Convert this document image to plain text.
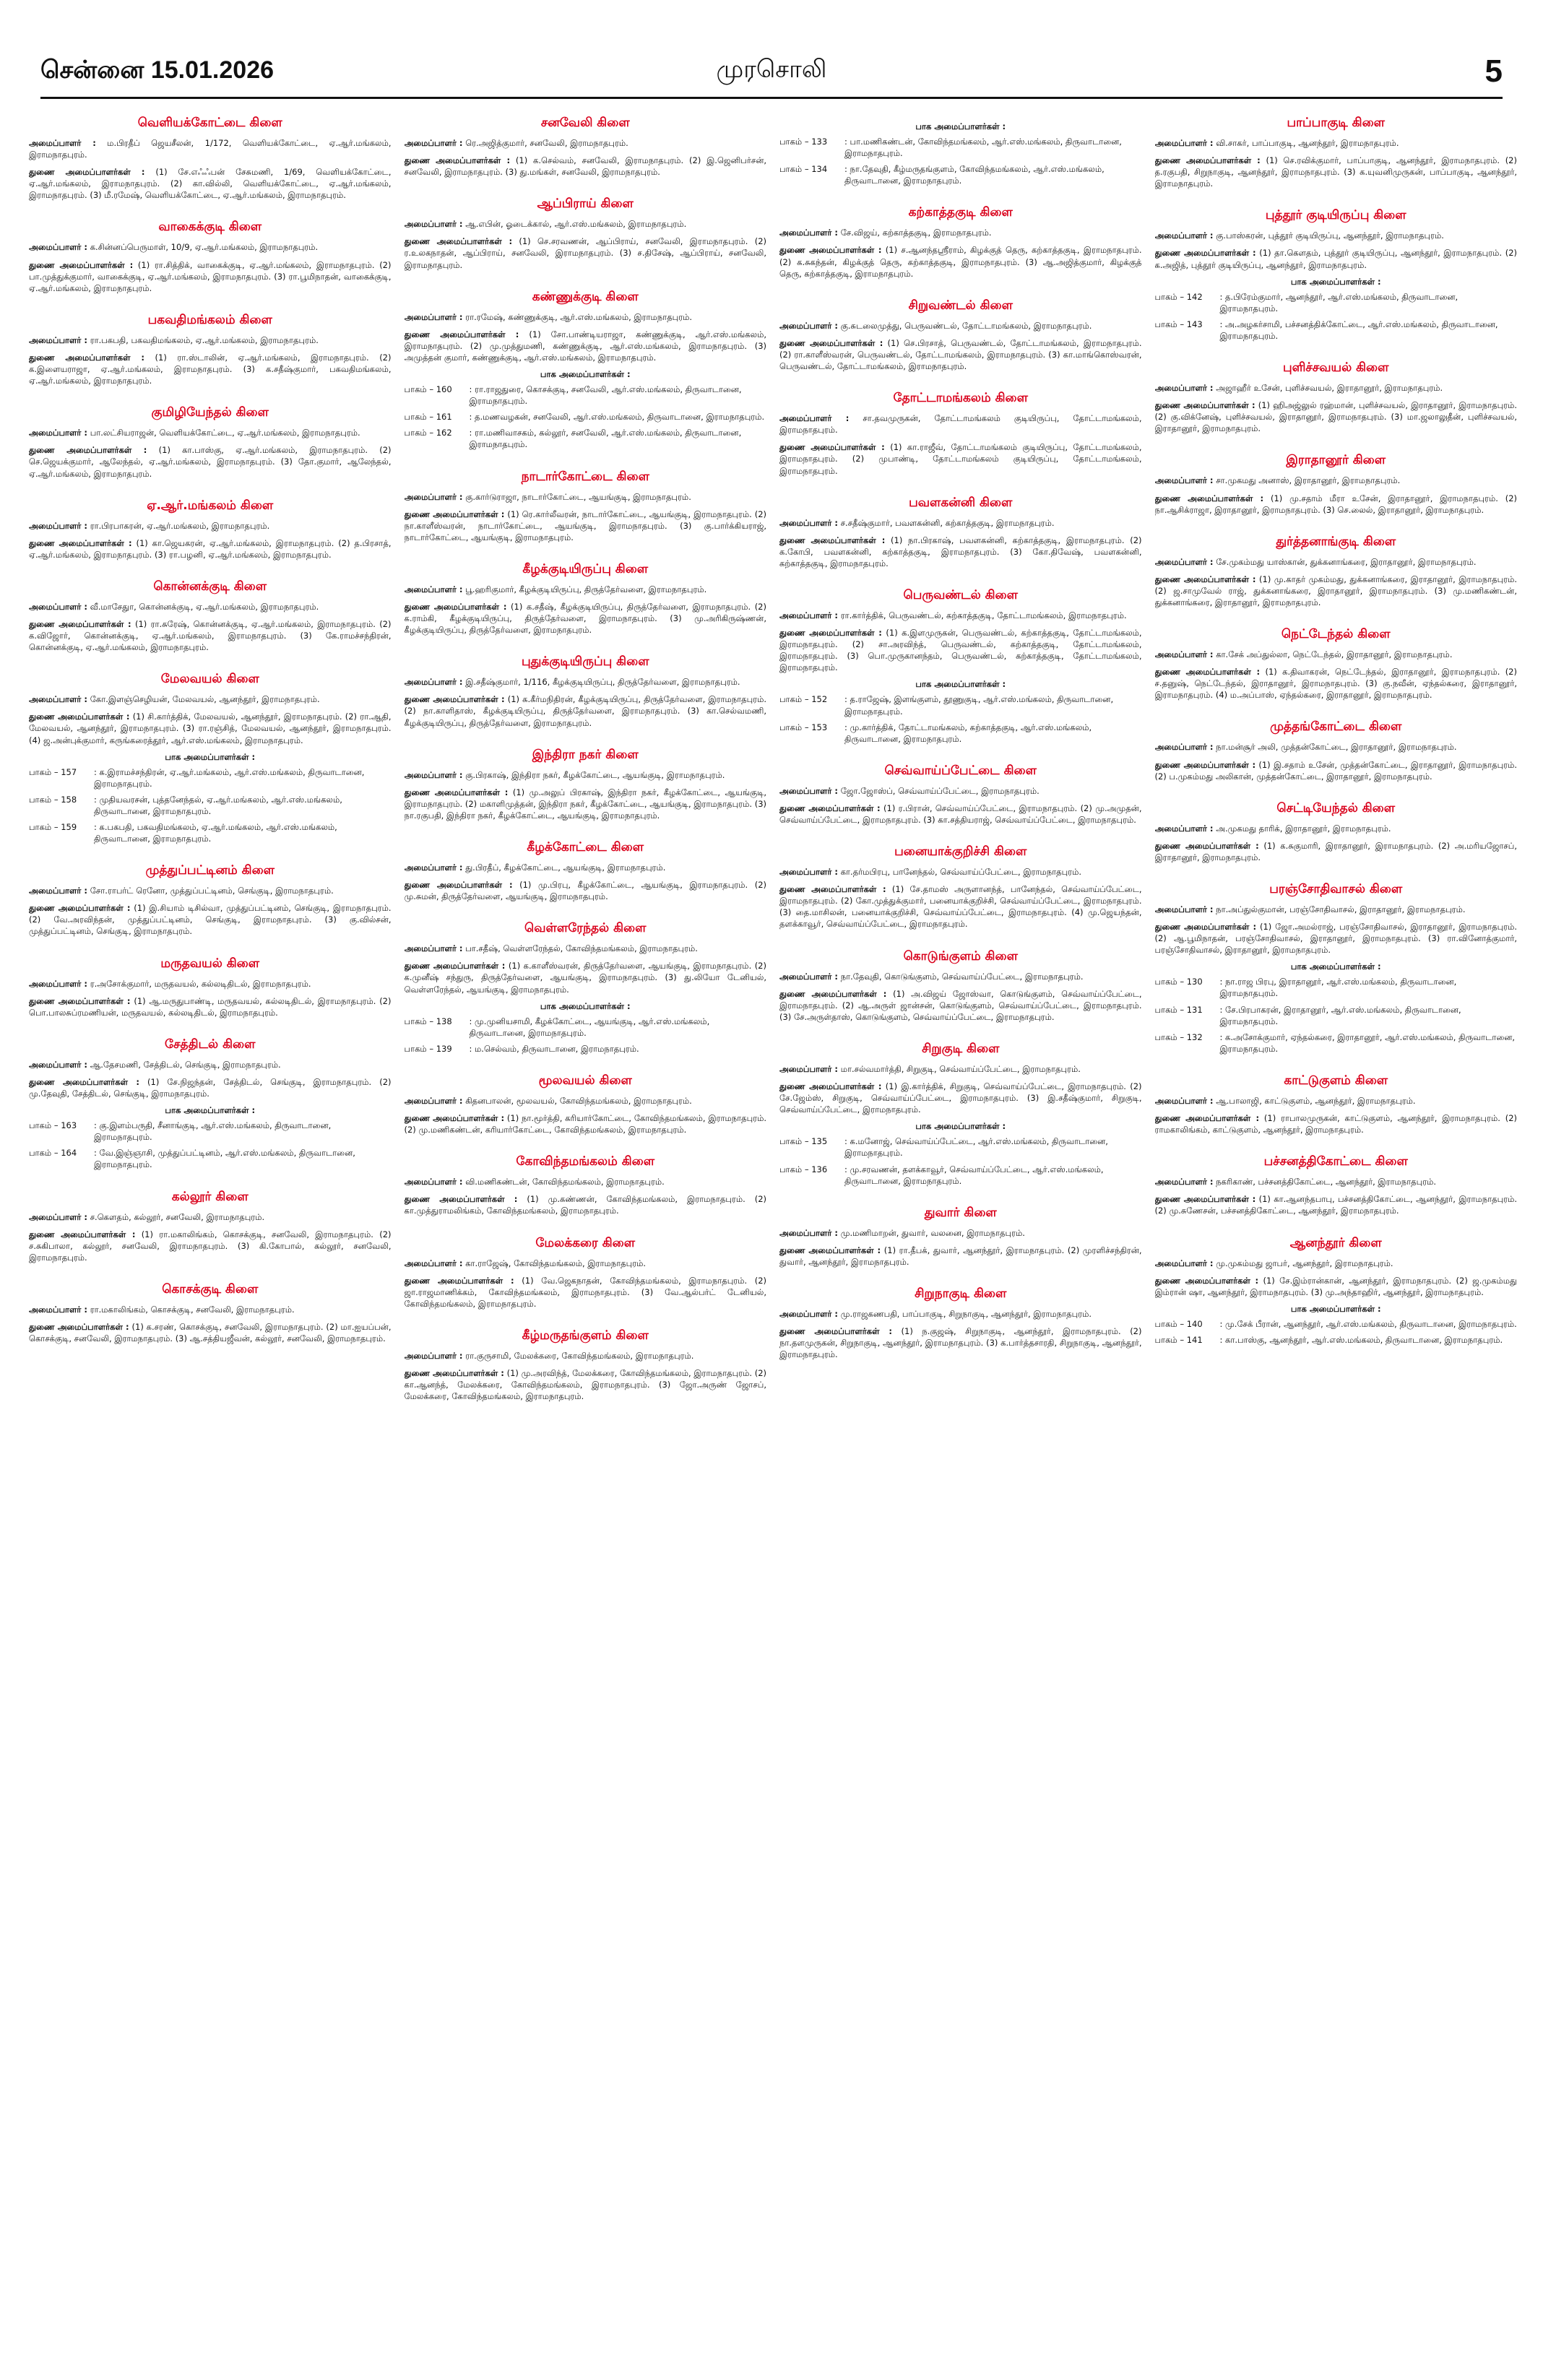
சென்னை 15.01.2026	முரசொலி	5
வெளியக்கோட்டை கிளை

அமைப்பாளர் : ம.பிரதீப் ஜெயசீலன், 1/172, வெளியக்கோட்டை, ஏ.ஆர்.மங்கலம், இராமநாதபுரம்.

துணை அமைப்பாளர்கள் : (1) சே.எஃஃபன் சேசுமணி, 1/69, வெளியக்கோட்டை, ஏ.ஆர்.மங்கலம், இராமநாதபுரம். (2) கா.வில்லி, வெளியக்கோட்டை, ஏ.ஆர்.மங்கலம், இராமநாதபுரம். (3) மீ.ரமேஷ், வெளியக்கோட்டை, ஏ.ஆர்.மங்கலம், இராமநாதபுரம்.

வாகைக்குடி கிளை

அமைப்பாளர் : க.சின்னப்பெருமாள், 10/9, ஏ.ஆர்.மங்கலம், இராமநாதபுரம்.

துணை அமைப்பாளர்கள் : (1) ரா.சித்திக், வாகைக்குடி, ஏ.ஆர்.மங்கலம், இராமநாதபுரம். (2) பா.முத்துக்குமார், வாகைக்குடி, ஏ.ஆர்.மங்கலம், இராமநாதபுரம். (3) ரா.பூமிநாதன், வாகைக்குடி, ஏ.ஆர்.மங்கலம், இராமநாதபுரம்.

பகவதிமங்கலம் கிளை

அமைப்பாளர் : ரா.பகபதி, பகவதிமங்கலம், ஏ.ஆர்.மங்கலம், இராமநாதபுரம்.

துணை அமைப்பாளர்கள் : (1) ரா.ஸ்டாலின், ஏ.ஆர்.மங்கலம், இராமநாதபுரம். (2) க.இளையராஜா, ஏ.ஆர்.மங்கலம், இராமநாதபுரம். (3) க.சதீஷ்குமார், பகவதிமங்கலம், ஏ.ஆர்.மங்கலம், இராமநாதபுரம்.

குமிழியேந்தல் கிளை

அமைப்பாளர் : பா.லட்சியராஜன், வெளியக்கோட்டை, ஏ.ஆர்.மங்கலம், இராமநாதபுரம்.

துணை அமைப்பாளர்கள் : (1) கா.பாஸ்கு, ஏ.ஆர்.மங்கலம், இராமநாதபுரம். (2) செ.ஜெயக்குமார், ஆலேந்தல், ஏ.ஆர்.மங்கலம், இராமநாதபுரம். (3) தோ.குமார், ஆலேந்தல், ஏ.ஆர்.மங்கலம், இராமநாதபுரம்.

ஏ.ஆர்.மங்கலம் கிளை

அமைப்பாளர் : ரா.பிரபாகரன், ஏ.ஆர்.மங்கலம், இராமநாதபுரம்.

துணை அமைப்பாளர்கள் : (1) கா.ஜெயகரன், ஏ.ஆர்.மங்கலம், இராமநாதபுரம். (2) த.பிரசாத், ஏ.ஆர்.மங்கலம், இராமநாதபுரம். (3) ரா.பழனி, ஏ.ஆர்.மங்கலம், இராமநாதபுரம்.

கொன்னக்குடி கிளை

அமைப்பாளர் : வீ.மாசேதுா, கொன்னக்குடி, ஏ.ஆர்.மங்கலம், இராமநாதபுரம்.

துணை அமைப்பாளர்கள் : (1) ரா.சுரேஷ், கொன்னக்குடி, ஏ.ஆர்.மங்கலம், இராமநாதபுரம். (2) க.விஜோர், கொன்னக்குடி, ஏ.ஆர்.மங்கலம், இராமநாதபுரம். (3) கே.ராமச்சந்திரன், கொன்னக்குடி, ஏ.ஆர்.மங்கலம், இராமநாதபுரம்.

மேலவயல் கிளை

அமைப்பாளர் : கோ.இளஞ்செழியன், மேலவயல், ஆனந்தூர், இராமநாதபுரம்.

துணை அமைப்பாளர்கள் : (1) சி.கார்த்திக், மேலவயல், ஆனந்தூர், இராமநாதபுரம். (2) ரா.ஆதி, மேலவயல், ஆனந்தூர், இராமநாதபுரம். (3) ரா.ரஞ்சித், மேலவயல், ஆனந்தூர், இராமநாதபுரம். (4) ஜ.அன்புக்குமார், கருங்கரைத்தூர், ஆர்.எஸ்.மங்கலம், இராமநாதபுரம்.

பாக அமைப்பாளர்கள் :
பாகம் – 157	: க.இராமச்சந்திரன், ஏ.ஆர்.மங்கலம், ஆர்.எஸ்.மங்கலம், திருவாடானை, இராமநாதபுரம்.
பாகம் – 158	: முதியவரசன், புத்தனேந்தல், ஏ.ஆர்.மங்கலம், ஆர்.எஸ்.மங்கலம், திருவாடானை, இராமநாதபுரம்.
பாகம் – 159	: க.பகபதி, பகவதிமங்கலம், ஏ.ஆர்.மங்கலம், ஆர்.எஸ்.மங்கலம், திருவாடானை, இராமநாதபுரம்.
முத்துப்பட்டினம் கிளை

அமைப்பாளர் : சோ.ராபர்ட் ரெனோ, முத்துப்பட்டினம், செங்குடி, இராமநாதபுரம்.

துணை அமைப்பாளர்கள் : (1) இ.சியாம் டிசில்வா, முத்துப்பட்டினம், செங்குடி, இராமநாதபுரம். (2) வே.அரவிந்தன், முத்துப்பட்டினம், செங்குடி, இராமநாதபுரம். (3) கு.வில்சன், முத்துப்பட்டினம், செங்குடி, இராமநாதபுரம்.

மருதவயல் கிளை

அமைப்பாளர் : ர.அசோக்குமார், மருதவயல், கல்லடிதிடல், இராமநாதபுரம்.

துணை அமைப்பாளர்கள் : (1) ஆ.மருதுபாண்டி, மருதவயல், கல்லடிதிடல், இராமநாதபுரம். (2) பொ.பாலசுப்ரமணியன், மருதவயல், கல்லடிதிடல், இராமநாதபுரம்.

சேத்திடல் கிளை

அமைப்பாளர் : ஆ.தேசமணி, சேத்திடல், செங்குடி, இராமநாதபுரம்.

துணை அமைப்பாளர்கள் : (1) சே.நிஜந்தன், சேத்திடல், செங்குடி, இராமநாதபுரம். (2) மு.தேவுதி, சேத்திடல், செங்குடி, இராமநாதபுரம்.

பாக அமைப்பாளர்கள் :
பாகம் – 163	: கு.இளம்பருதி, சீனாங்குடி, ஆர்.எஸ்.மங்கலம், திருவாடானை, இராமநாதபுரம்.
பாகம் – 164	: வே.இஞ்ஞாசி, முத்துப்பட்டினம், ஆர்.எஸ்.மங்கலம், திருவாடானை, இராமநாதபுரம்.
கல்லூர் கிளை

அமைப்பாளர் : ச.கௌதம், கல்லூர், சனவேலி, இராமநாதபுரம்.

துணை அமைப்பாளர்கள் : (1) ரா.மகாலிங்கம், கொசக்குடி, சனவேலி, இராமநாதபுரம். (2) ச.சுகிபாலா, கல்லூர், சனவேலி, இராமநாதபுரம். (3) கி.கோபால், கல்லூர், சனவேலி, இராமநாதபுரம்.

கொசக்குடி கிளை

அமைப்பாளர் : ரா.மகாலிங்கம், கொசக்குடி, சனவேலி, இராமநாதபுரம்.

துணை அமைப்பாளர்கள் : (1) க.சரண், கொசக்குடி, சனவேலி, இராமநாதபுரம். (2) மா.ஐயப்பன், கொசக்குடி, சனவேலி, இராமநாதபுரம். (3) ஆ.சத்தியஜீவன், கல்லூர், சனவேலி, இராமநாதபுரம்.

சனவேலி கிளை

அமைப்பாளர் : ரெ.அஜித்குமார், சனவேலி, இராமநாதபுரம்.

துணை அமைப்பாளர்கள் : (1) க.செல்வம், சனவேலி, இராமநாதபுரம். (2) இ.ஜெனிபர்சன், சனவேலி, இராமநாதபுரம். (3) து.மங்கள், சனவேலி, இராமநாதபுரம்.

ஆப்பிராய் கிளை

அமைப்பாளர் : ஆ.எபின், ஓடைக்கால், ஆர்.எஸ்.மங்கலம், இராமநாதபுரம்.

துணை அமைப்பாளர்கள் : (1) செ.சரவணன், ஆப்பிராய், சனவேலி, இராமநாதபுரம். (2) ர.உலகநாதன், ஆப்பிராய், சனவேலி, இராமநாதபுரம். (3) ச.திசேஷ், ஆப்பிராய், சனவேலி, இராமநாதபுரம்.

கண்ணுக்குடி கிளை

அமைப்பாளர் : ரா.ரமேஷ், கண்ணுக்குடி, ஆர்.எஸ்.மங்கலம், இராமநாதபுரம்.

துணை அமைப்பாளர்கள் : (1) சோ.பாண்டியராஜா, கண்ணுக்குடி, ஆர்.எஸ்.மங்கலம், இராமநாதபுரம். (2) மு.முத்துமணி, கண்ணுக்குடி, ஆர்.எஸ்.மங்கலம், இராமநாதபுரம். (3) அமுத்தன் குமார், கண்ணுக்குடி, ஆர்.எஸ்.மங்கலம், இராமநாதபுரம்.

பாக அமைப்பாளர்கள் :
பாகம் – 160	: ரா.ராஜதுரை, கொசக்குடி, சனவேலி, ஆர்.எஸ்.மங்கலம், திருவாடானை, இராமநாதபுரம்.
பாகம் – 161	: த.மணவழகன், சனவேலி, ஆர்.எஸ்.மங்கலம், திருவாடானை, இராமநாதபுரம்.
பாகம் – 162	: ரா.மணிவாசகம், கல்லூர், சனவேலி, ஆர்.எஸ்.மங்கலம், திருவாடானை, இராமநாதபுரம்.
நாடார்கோட்டை கிளை

அமைப்பாளர் : கு.கார்டுராஜா, நாடார்கோட்டை, ஆயங்குடி, இராமநாதபுரம்.

துணை அமைப்பாளர்கள் : (1) ரெ.கார்லீவரன், நாடார்கோட்டை, ஆயங்குடி, இராமநாதபுரம். (2) நா.காளீஸ்வரன், நாடார்கோட்டை, ஆயங்குடி, இராமநாதபுரம். (3) கு.பார்க்கியராஜ், நாடார்கோட்டை, ஆயங்குடி, இராமநாதபுரம்.

கீழக்குடியிருப்பு கிளை

அமைப்பாளர் : பூ.ஹரிகுமார், கீழக்குடியிருப்பு, திருத்தேர்வளை, இராமநாதபுரம்.

துணை அமைப்பாளர்கள் : (1) க.சதீஷ், கீழக்குடியிருப்பு, திருத்தேர்வளை, இராமநாதபுரம். (2) க.ராம்கி, கீழக்குடியிருப்பு, திருத்தேர்வளை, இராமநாதபுரம். (3) மு.அரிகிருஷ்ணன், கீழக்குடியிருப்பு, திருத்தேர்வளை, இராமநாதபுரம்.

புதுக்குடியிருப்பு கிளை

அமைப்பாளர் : இ.சதீஷ்குமார், 1/116, கீழக்குடியிருப்பு, திருத்தேர்வளை, இராமநாதபுரம்.

துணை அமைப்பாளர்கள் : (1) க.கீர்மநிதிரன், கீழக்குடியிருப்பு, திருத்தேர்வளை, இராமநாதபுரம். (2) நா.காளிதாஸ், கீழக்குடியிருப்பு, திருத்தேர்வளை, இராமநாதபுரம். (3) கா.செல்வமணி, கீழக்குடியிருப்பு, திருத்தேர்வளை, இராமநாதபுரம்.

இந்திரா நகர் கிளை

அமைப்பாளர் : கு.பிரகாஷ், இந்திரா நகர், கீழக்கோட்டை, ஆயங்குடி, இராமநாதபுரம்.

துணை அமைப்பாளர்கள் : (1) மு.அலுப் பிரகாஷ், இந்திரா நகர், கீழக்கோட்டை, ஆயங்குடி, இராமநாதபுரம். (2) மகாளிமுத்தன், இந்திரா நகர், கீழக்கோட்டை, ஆயங்குடி, இராமநாதபுரம். (3) நா.ரகுபதி, இந்திரா நகர், கீழக்கோட்டை, ஆயங்குடி, இராமநாதபுரம்.

கீழக்கோட்டை கிளை

அமைப்பாளர் : து.பிரதீப், கீழக்கோட்டை, ஆயங்குடி, இராமநாதபுரம்.

துணை அமைப்பாளர்கள் : (1) மு.பிரபு, கீழக்கோட்டை, ஆயங்குடி, இராமநாதபுரம். (2) மு.சுமன், திருத்தேர்வளை, ஆயங்குடி, இராமநாதபுரம்.

வெள்ளரேந்தல் கிளை

அமைப்பாளர் : பா.சதீஷ், வெள்ளரேந்தல், கோவிந்தமங்கலம், இராமநாதபுரம்.

துணை அமைப்பாளர்கள் : (1) க.காளீஸ்வரன், திருத்தேர்வளை, ஆயங்குடி, இராமநாதபுரம். (2) க.முனீஷ் சந்துரு, திருத்தேர்வளை, ஆயங்குடி, இராமநாதபுரம். (3) து.லியோ டேனியல், வெள்ளரேந்தல், ஆயங்குடி, இராமநாதபுரம்.

பாக அமைப்பாளர்கள் :
பாகம் – 138	: மு.முனியசாமி, கீழக்கோட்டை, ஆயங்குடி, ஆர்.எஸ்.மங்கலம், திருவாடானை, இராமநாதபுரம்.
பாகம் – 139	: ம.செல்வம், திருவாடானை, இராமநாதபுரம்.
மூலவயல் கிளை

அமைப்பாளர் : கிதனபாலன், மூலவயல், கோவிந்தமங்கலம், இராமநாதபுரம்.

துணை அமைப்பாளர்கள் : (1) நா.மூர்த்தி, கரியார்கோட்டை, கோவிந்தமங்கலம், இராமநாதபுரம். (2) மு.மணிகண்டன், கரியார்கோட்டை, கோவிந்தமங்கலம், இராமநாதபுரம்.

கோவிந்தமங்கலம் கிளை

அமைப்பாளர் : வி.மணிகண்டன், கோவிந்தமங்கலம், இராமநாதபுரம்.

துணை அமைப்பாளர்கள் : (1) மு.கண்ணன், கோவிந்தமங்கலம், இராமநாதபுரம். (2) கா.முத்துராமலிங்கம், கோவிந்தமங்கலம், இராமநாதபுரம்.

மேலக்கரை கிளை

அமைப்பாளர் : கா.ராஜேஷ், கோவிந்தமங்கலம், இராமநாதபுரம்.

துணை அமைப்பாளர்கள் : (1) வே.ஜெகநாதன், கோவிந்தமங்கலம், இராமநாதபுரம். (2) ஜா.ராஜமாணிக்கம், கோவிந்தமங்கலம், இராமநாதபுரம். (3) வே.ஆல்பர்ட் டேனியல், கோவிந்தமங்கலம், இராமநாதபுரம்.

கீழ்மருதங்குளம் கிளை

அமைப்பாளர் : ரா.குருசாமி, மேலக்கரை, கோவிந்தமங்கலம், இராமநாதபுரம்.

துணை அமைப்பாளர்கள் : (1) மு.அரவிந்த், மேலக்கரை, கோவிந்தமங்கலம், இராமநாதபுரம். (2) கா.ஆனந்த், மேலக்கரை, கோவிந்தமங்கலம், இராமநாதபுரம். (3) ஜோ.அருண் ஜோசப், மேலக்கரை, கோவிந்தமங்கலம், இராமநாதபுரம்.

பாக அமைப்பாளர்கள் :
பாகம் – 133	: பா.மணிகண்டன், கோவிந்தமங்கலம், ஆர்.எஸ்.மங்கலம், திருவாடானை, இராமநாதபுரம்.
பாகம் – 134	: நா.தேவுதி, கீழ்மருதங்குளம், கோவிந்தமங்கலம், ஆர்.எஸ்.மங்கலம், திருவாடானை, இராமநாதபுரம்.
கற்காத்தகுடி கிளை

அமைப்பாளர் : சே.விஜய், கற்காத்தகுடி, இராமநாதபுரம்.

துணை அமைப்பாளர்கள் : (1) ச.ஆனந்தஸ்ரீராம், கிழக்குத் தெரு, கற்காத்தகுடி, இராமநாதபுரம். (2) க.சுகந்தன், கிழக்குத் தெரு, கற்காத்தகுடி, இராமநாதபுரம். (3) ஆ.அஜித்குமார், கிழக்குத் தெரு, கற்காத்தகுடி, இராமநாதபுரம்.

சிறுவண்டல் கிளை

அமைப்பாளர் : கு.சுடலைமுத்து, பெருவண்டல், தோட்டாமங்கலம், இராமநாதபுரம்.

துணை அமைப்பாளர்கள் : (1) செ.பிரசாத், பெருவண்டல், தோட்டாமங்கலம், இராமநாதபுரம். (2) ரா.காளீஸ்வரன், பெருவண்டல், தோட்டாமங்கலம், இராமநாதபுரம். (3) கா.மாங்கொஸ்வரன், பெருவண்டல், தோட்டாமங்கலம், இராமநாதபுரம்.

தோட்டாமங்கலம் கிளை

அமைப்பாளர் : சா.தவமுருகன், தோட்டாமங்கலம் குடியிருப்பு, தோட்டாமங்கலம், இராமநாதபுரம்.

துணை அமைப்பாளர்கள் : (1) கா.ராஜீவ், தோட்டாமங்கலம் குடியிருப்பு, தோட்டாமங்கலம், இராமநாதபுரம். (2) முபாண்டி, தோட்டாமங்கலம் குடியிருப்பு, தோட்டாமங்கலம், இராமநாதபுரம்.

பவளகன்னி கிளை

அமைப்பாளர் : ச.சதீஷ்குமார், பவளகன்னி, கற்காத்தகுடி, இராமநாதபுரம்.

துணை அமைப்பாளர்கள் : (1) நா.பிரகாஷ், பவளகன்னி, கற்காத்தகுடி, இராமநாதபுரம். (2) க.கோபி, பவளகன்னி, கற்காத்தகுடி, இராமநாதபுரம். (3) கோ.திவேஷ், பவளகன்னி, கற்காத்தகுடி, இராமநாதபுரம்.

பெருவண்டல் கிளை

அமைப்பாளர் : ரா.கார்த்திக், பெருவண்டல், கற்காத்தகுடி, தோட்டாமங்கலம், இராமநாதபுரம்.

துணை அமைப்பாளர்கள் : (1) க.இளமுருகன், பெருவண்டல், கற்காத்தகுடி, தோட்டாமங்கலம், இராமநாதபுரம். (2) சா.அரவிந்த், பெருவண்டல், கற்காத்தகுடி, தோட்டாமங்கலம், இராமநாதபுரம். (3) பொ.முருகானந்தம், பெருவண்டல், கற்காத்தகுடி, தோட்டாமங்கலம், இராமநாதபுரம்.

பாக அமைப்பாளர்கள் :
பாகம் – 152	: த.ராஜேஷ், இளங்குளம், தூணுகுடி, ஆர்.எஸ்.மங்கலம், திருவாடானை, இராமநாதபுரம்.
பாகம் – 153	: மு.கார்த்திக், தோட்டாமங்கலம், கற்காத்தகுடி, ஆர்.எஸ்.மங்கலம், திருவாடானை, இராமநாதபுரம்.
செவ்வாய்ப்பேட்டை கிளை

அமைப்பாளர் : ஜோ.ஜோஸ்ப், செவ்வாய்ப்பேட்டை, இராமநாதபுரம்.

துணை அமைப்பாளர்கள் : (1) ர.பிரான், செவ்வாய்ப்பேட்டை, இராமநாதபுரம். (2) மு.அமுதன், செவ்வாய்ப்பேட்டை, இராமநாதபுரம். (3) கா.சத்தியராஜ், செவ்வாய்ப்பேட்டை, இராமநாதபுரம்.

பனையாக்குறிச்சி கிளை

அமைப்பாளர் : கா.தர்மபிரபு, பானேந்தல், செவ்வாய்ப்பேட்டை, இராமநாதபுரம்.

துணை அமைப்பாளர்கள் : (1) சே.தாமஸ் அருளானந்த், பானேந்தல், செவ்வாய்ப்பேட்டை, இராமநாதபுரம். (2) கோ.முத்துக்குமார், பனையாக்குறிச்சி, செவ்வாய்ப்பேட்டை, இராமநாதபுரம். (3) தை.மாசிலன், பனையாக்குறிச்சி, செவ்வாய்ப்பேட்டை, இராமநாதபுரம். (4) மு.ஜெயந்தன், தளக்காவூர், செவ்வாய்ப்பேட்டை, இராமநாதபுரம்.

கொடுங்குளம் கிளை

அமைப்பாளர் : நா.தேவுதி, கொடுங்குளம், செவ்வாய்ப்பேட்டை, இராமநாதபுரம்.

துணை அமைப்பாளர்கள் : (1) அ.விஜய் ஜோஸ்வா, கொடுங்குளம், செவ்வாய்ப்பேட்டை, இராமநாதபுரம். (2) ஆ.அருள் ஜான்சன், கொடுங்குளம், செவ்வாய்ப்பேட்டை, இராமநாதபுரம். (3) சே.அருள்தாஸ், கொடுங்குளம், செவ்வாய்ப்பேட்டை, இராமநாதபுரம்.

சிறுகுடி கிளை

அமைப்பாளர் : மா.சல்வமார்த்தி, சிறுகுடி, செவ்வாய்ப்பேட்டை, இராமநாதபுரம்.

துணை அமைப்பாளர்கள் : (1) இ.கார்த்திக், சிறுகுடி, செவ்வாய்ப்பேட்டை, இராமநாதபுரம். (2) சே.ஜேம்ஸ், சிறுகுடி, செவ்வாய்ப்பேட்டை, இராமநாதபுரம். (3) இ.சதீஷ்குமார், சிறுகுடி, செவ்வாய்ப்பேட்டை, இராமநாதபுரம்.

பாக அமைப்பாளர்கள் :
பாகம் – 135	: க.மனோஜ், செவ்வாய்ப்பேட்டை, ஆர்.எஸ்.மங்கலம், திருவாடானை, இராமநாதபுரம்.
பாகம் – 136	: மு.சரவணன், தளக்காவூர், செவ்வாய்ப்பேட்டை, ஆர்.எஸ்.மங்கலம், திருவாடானை, இராமநாதபுரம்.
துவார் கிளை

அமைப்பாளர் : மு.மணிமாறன், துவார், வலனை, இராமநாதபுரம்.

துணை அமைப்பாளர்கள் : (1) ரா.தீபக், துவார், ஆனந்தூர், இராமநாதபுரம். (2) முரளிச்சந்திரன், துவார், ஆனந்தூர், இராமநாதபுரம்.

சிறுநாகுடி கிளை

அமைப்பாளர் : மு.ராஜகணபதி, பாப்பாகுடி, சிறுநாகுடி, ஆனந்தூர், இராமநாதபுரம்.

துணை அமைப்பாளர்கள் : (1) ந.குஜஷ், சிறுநாகுடி, ஆனந்தூர், இராமநாதபுரம். (2) நா.தளமுருகன், சிறுநாகுடி, ஆனந்தூர், இராமநாதபுரம். (3) க.பார்த்தசாரதி, சிறுநாகுடி, ஆனந்தூர், இராமநாதபுரம்.

பாப்பாகுடி கிளை

அமைப்பாளர் : வி.சாகர், பாப்பாகுடி, ஆனந்தூர், இராமநாதபுரம்.

துணை அமைப்பாளர்கள் : (1) செ.ரவிக்குமார், பாப்பாகுடி, ஆனந்தூர், இராமநாதபுரம். (2) த.ரகுபதி, சிறுநாகுடி, ஆனந்தூர், இராமநாதபுரம். (3) க.யுவனிமுருகன், பாப்பாகுடி, ஆனந்தூர், இராமநாதபுரம்.

புத்தூர் குடியிருப்பு கிளை

அமைப்பாளர் : கு.பாஸ்கரன், புத்தூர் குடியிருப்பு, ஆனந்தூர், இராமநாதபுரம்.

துணை அமைப்பாளர்கள் : (1) தா.கௌதம், புத்தூர் குடியிருப்பு, ஆனந்தூர், இராமநாதபுரம். (2) க.அஜித், புத்தூர் குடியிருப்பு, ஆனந்தூர், இராமநாதபுரம்.

பாக அமைப்பாளர்கள் :
பாகம் – 142	: த.பிரேம்குமார், ஆனந்தூர், ஆர்.எஸ்.மங்கலம், திருவாடானை, இராமநாதபுரம்.
பாகம் – 143	: அ.அழகர்சாமி, பச்சனத்திக்கோட்டை, ஆர்.எஸ்.மங்கலம், திருவாடானை, இராமநாதபுரம்.
புளிச்சவயல் கிளை

அமைப்பாளர் : அஜாஹீர் உசேன், புளிச்சவயல், இராதானூர், இராமநாதபுரம்.

துணை அமைப்பாளர்கள் : (1) ஹிஅஜ்லுல் ரஹ்மான், புளிச்சவயல், இராதானூர், இராமநாதபுரம். (2) கு.விக்னேஷ், புளிச்சவயல், இராதானூர், இராமநாதபுரம். (3) மா.ஜலாலுதீன், புளிச்சவயல், இராதானூர், இராமநாதபுரம்.

இராதானூர் கிளை

அமைப்பாளர் : சா.முகமது அனாஸ், இராதானூர், இராமநாதபுரம்.

துணை அமைப்பாளர்கள் : (1) மு.சதாம் மீரா உசேன், இராதானூர், இராமநாதபுரம். (2) நா.ஆசிக்ராஜா, இராதானூர், இராமநாதபுரம். (3) செ.லைல், இராதானூர், இராமநாதபுரம்.

துர்த்தனாங்குடி கிளை

அமைப்பாளர் : சே.முகம்மது யாஸ்கான், துக்கனாங்கரை, இராதானூர், இராமநாதபுரம்.

துணை அமைப்பாளர்கள் : (1) மு.காதர் முகம்மது, துக்கனாங்கரை, இராதானூர், இராமநாதபுரம். (2) ஜ.சாமுவேல் ராஜ், துக்கனாங்கரை, இராதானூர், இராமநாதபுரம். (3) மு.மணிகண்டன், துக்கனாங்கரை, இராதானூர், இராமநாதபுரம்.

நெட்டேந்தல் கிளை

அமைப்பாளர் : கா.சேக் அப்துல்லா, நெட்டேந்தல், இராதானூர், இராமநாதபுரம்.

துணை அமைப்பாளர்கள் : (1) க.திவாகரன், நெட்டேந்தல், இராதானூர், இராமநாதபுரம். (2) ச.தனுஷ், நெட்டேந்தல், இராதானூர், இராமநாதபுரம். (3) கு.நவீன், ஏந்தல்கரை, இராதானூர், இராமநாதபுரம். (4) ம.அப்பாஸ், ஏந்தல்கரை, இராதானூர், இராமநாதபுரம்.

முத்தங்கோட்டை கிளை

அமைப்பாளர் : நா.மன்சூர் அலி, முத்தன்கோட்டை, இராதானூர், இராமநாதபுரம்.

துணை அமைப்பாளர்கள் : (1) இ.சதாம் உசேன், முத்தன்கோட்டை, இராதானூர், இராமநாதபுரம். (2) ப.முகம்மது அலிகான், முத்தன்கோட்டை, இராதானூர், இராமநாதபுரம்.

செட்டியேந்தல் கிளை

அமைப்பாளர் : அ.முகமது தாரிக், இராதானூர், இராமநாதபுரம்.

துணை அமைப்பாளர்கள் : (1) க.சுகுமாரி, இராதானூர், இராமநாதபுரம். (2) அ.மரியஜோசப், இராதானூர், இராமநாதபுரம்.

பரஞ்சோதிவாசல் கிளை

அமைப்பாளர் : நா.அப்துல்குமான், பரஞ்சோதிவாசல், இராதானூர், இராமநாதபுரம்.

துணை அமைப்பாளர்கள் : (1) ஜோ.அமல்ராஜ், பரஞ்சோதிவாசல், இராதானூர், இராமநாதபுரம். (2) ஆ.பூமிநாதன், பரஞ்சோதிவாசல், இராதானூர், இராமநாதபுரம். (3) ரா.வினோத்குமார், பரஞ்சோதிவாசல், இராதானூர், இராமநாதபுரம்.

பாக அமைப்பாளர்கள் :
பாகம் – 130	: நா.ராஜ பிரபு, இராதானூர், ஆர்.எஸ்.மங்கலம், திருவாடானை, இராமநாதபுரம்.
பாகம் – 131	: சே.பிரபாகரன், இராதானூர், ஆர்.எஸ்.மங்கலம், திருவாடானை, இராமநாதபுரம்.
பாகம் – 132	: க.அசோக்குமார், ஏந்தல்கரை, இராதானூர், ஆர்.எஸ்.மங்கலம், திருவாடானை, இராமநாதபுரம்.
காட்டுகுளம் கிளை

அமைப்பாளர் : ஆ.பாலாஜி, காட்டுகுளம், ஆனந்தூர், இராமநாதபுரம்.

துணை அமைப்பாளர்கள் : (1) ராபாலமுருகன், காட்டுகுளம், ஆனந்தூர், இராமநாதபுரம். (2) ராமகாலிங்கம், காட்டுகுளம், ஆனந்தூர், இராமநாதபுரம்.

பச்சனத்திகோட்டை கிளை

அமைப்பாளர் : நகரிகாண், பச்சனத்திகோட்டை, ஆனந்தூர், இராமநாதபுரம்.

துணை அமைப்பாளர்கள் : (1) கா.ஆனந்தபாபு, பச்சனத்திகோட்டை, ஆனந்தூர், இராமநாதபுரம். (2) மு.சுணேசன், பச்சனத்திகோட்டை, ஆனந்தூர், இராமநாதபுரம்.

ஆனந்தூர் கிளை

அமைப்பாளர் : மு.முகம்மது ஜாபர், ஆனந்தூர், இராமநாதபுரம்.

துணை அமைப்பாளர்கள் : (1) சே.இம்ரான்கான், ஆனந்தூர், இராமநாதபுரம். (2) ஜ.முகம்மது இம்ரான் ஷா, ஆனந்தூர், இராமநாதபுரம். (3) மு.அந்தாஹிர், ஆனந்தூர், இராமநாதபுரம்.

பாக அமைப்பாளர்கள் :
பாகம் – 140	: மு.சேக் பீரான், ஆனந்தூர், ஆர்.எஸ்.மங்கலம், திருவாடானை, இராமநாதபுரம்.
பாகம் – 141	: கா.பாஸ்கு, ஆனந்தூர், ஆர்.எஸ்.மங்கலம், திருவாடானை, இராமநாதபுரம்.
